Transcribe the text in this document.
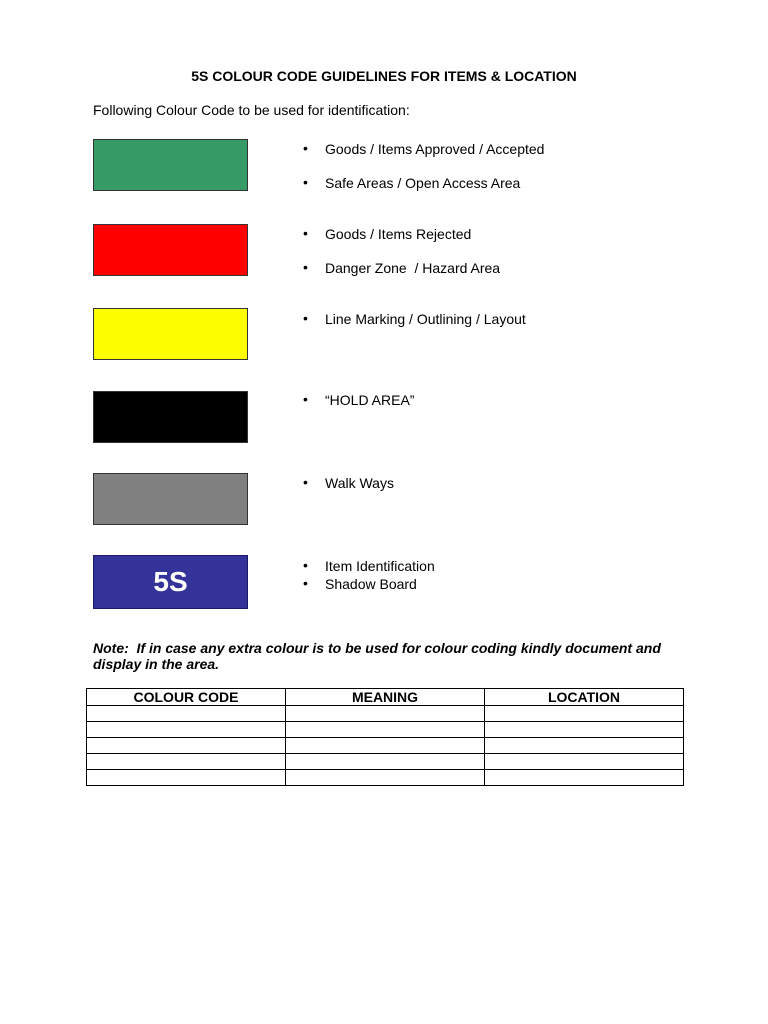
5S COLOUR CODE GUIDELINES FOR ITEMS & LOCATION
Following Colour Code to be used for identification:
• Goods / Items Approved / Accepted
• Safe Areas / Open Access Area
• Goods / Items Rejected
• Danger Zone  / Hazard Area
• Line Marking / Outlining / Layout
• “HOLD AREA”
• Walk Ways
5S
• Item Identification
• Shadow Board
Note:  If in case any extra colour is to be used for colour coding kindly document and display in the area.
COLOUR CODE	MEANING	LOCATION
